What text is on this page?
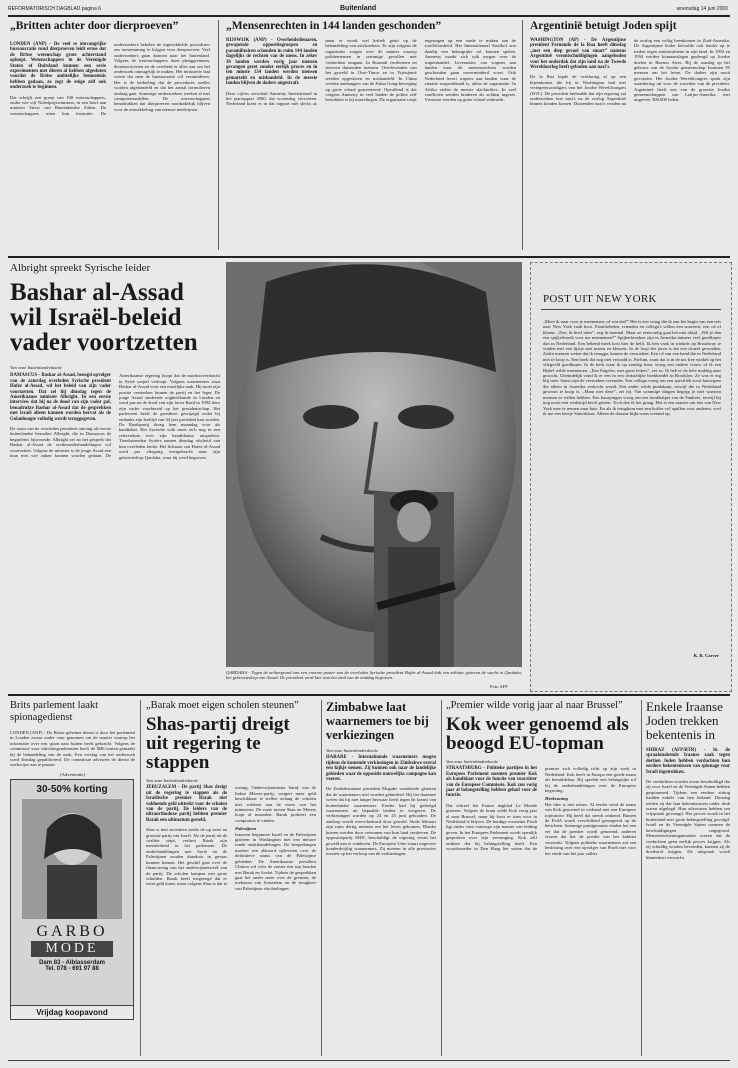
REFORMATORISCH DAGBLAD pagina 6	Buitenland	woensdag 14 juni 2000
„Britten achter door dierproeven”

LONDEN (ANP) - De veel te omvangrijke bureaucratie rond dierproeven leidt ertoe dat de Britse wetenschap grote achterstand oploopt. Wetenschappers in de Verenigde Staten of Duitsland kunnen een serie experimenten met dieren al hebben afgesloten voordat de Britse ambtelijke bemoeienis hebben gedaan, zo zegt de enige zelf ook onderzoek te beginnen.

Dat schrijft een groep van 100 wetenschappers, onder wie vijf Nobelprijswinnaars, in een brief aan minister Straw van Binnenlandse Zaken. De wetenschappers uiten hun frustratie. De onderzoekers hekelen de ingewikkelde procedures om toestemming te krijgen voor dierproeven. Veel onderzoekers gaan daarom naar het buitenland. Volgens de wetenschappers doen pleeggezinnen, dierenactivisten en de overheid er alles aan om het onderzoek onmogelijk te maken. Het ministerie laat weten dat men de bureaucratie wil verminderen. Het is de bedoeling dat de procedures sneller worden afgehandeld en dat het aantal formulieren omlaag gaat. Sommige onderzoekers werken al met computermodellen. De wetenschappers benadrukken dat dierproeven noodzakelijk blijven voor de ontwikkeling van nieuwe medicijnen.

„Mensenrechten in 144 landen geschonden”

RIJSWIJK (ANP) - Overheidsdienaren, gewapende oppositiegroepen en paramilitairen schenden in ruim 144 landen dagelijks de rechten van de mens. In zeker 38 landen werden vorig jaar mensen gevangen gezet zonder eerlijk proces en in ten minste 134 landen werden mensen gemarteld en mishandeld. In de meeste landen blijven de daders ongestraft.

Deze cijfers verschaft Amnesty International in het jaarrapport 2000, dat woensdag verscheen. Nederland komt er in dat rapport niet slecht af, maar er wordt wel kritiek geuit op de behandeling van asielzoekers. Er zijn volgens de organisatie zorgen over de manier waarop politiemensen in sommige gevallen met verdachten omgaan. In Burundi verdwenen en stierven duizenden mensen. Overlevenden van het geweld in Oost-Timor en in Tsjetsjenië werden opgesloten en mishandeld. In China werden aanhangers van de Falun Gong-beweging op grote schaal gearresteerd. Opvallend is dat volgens Amnesty in veel landen de politie zelf betrokken is bij martelingen. De organisatie roept regeringen op een einde te maken aan de straffeloosheid. Het Internationaal Strafhof zou daarbij een belangrijke rol kunnen spelen. Amnesty maakt zich ook zorgen over de wapenhandel. Leveranties van wapens aan landen waar de mensenrechten worden geschonden gaan onverminderd voort. Ook Nederland levert wapens aan landen waar de situatie zorgwekkend is, aldus de organisatie. In Afrika vielen de meeste slachtoffers. In veel conflicten werden kinderen als soldaat ingezet. Vrouwen werden op grote schaal verkracht.

Argentinië betuigt Joden spijt

WASHINGTON (AP) - De Argentijnse president Fernando de la Rua heeft dinsdag „met een diep gevoel van smart” namens Argentinië verontschuldigingen aangeboden voor het onderdak dat zijn land na de Tweede Wereldoorlog heeft geboden aan nazi's.

De la Rua legde de verklaring af op een bijeenkomst die hij in Washington had met vertegenwoordigers van het Joodse Wereldcongres (WJC). De president herhaalde dat zijn regering zal onderzoeken hoe nazi's na de oorlog Argentinië binnen konden komen. Duizenden nazi's vonden na de oorlog een veilig heenkomen in Zuid-Amerika. De Argentijnse leider beloofde ook harder op te treden tegen antisemitisme in zijn land. In 1992 en 1994 werden bomaanslagen gepleegd op Joodse doelen in Buenos Aires. Bij de aanslag op het gebouw van de Joodse gemeenschap kwamen 85 mensen om het leven. De daders zijn nooit gevonden. Het Joodse Wereldcongres sprak zijn waardering uit voor de woorden van de president. Argentinië heeft een van de grootste Joodse gemeenschappen van Latijns-Amerika, met ongeveer 300.000 leden.

Albright spreekt Syrische leider
Bashar al-Assad wil Israël-beleid vader voortzetten
Van onze buitenlandredactie

DAMASCUS - Bashar al-Assad, beoogd opvolger van de zaterdag overleden Syrische president Hafez al-Assad, wil het beleid van zijn vader voortzetten. Dat zei hij dinsdag tegen de Amerikaanse minister Albright. In een eerste interview dat hij na de dood van zijn vader gaf, benadrukte Bashar al-Assad dat de gesprekken met Israël alleen kunnen worden hervat als de Golanhoogte volledig wordt teruggegeven.

De zoon van de overleden president ontving als eerste buitenlandse bezoeker Albright, die in Damascus de begrafenis bijwoonde. Albright zei na het gesprek dat Bashar al-Assad de vredesonderhandelingen wil voortzetten. Volgens de minister is de jonge Assad een man met wie zaken kunnen worden gedaan. De Amerikaanse regering hoopt dat de machtsoverdracht in Syrië soepel verloopt. Volgens waarnemers staat Bashar al-Assad voor een moeilijke taak. Hij moet zijn positie versterken binnen de partij en het leger. De jonge Assad studeerde oogheelkunde in Londen en werd pas na de dood van zijn broer Basil in 1994 door zijn vader voorbereid op het presidentschap. Het parlement heeft de grondwet gewijzigd zodat hij ondanks zijn leeftijd van 34 jaar president kan worden. De Baathpartij droeg hem maandag voor als kandidaat. Het Syrische volk moet zich nog in een referendum over zijn kandidatuur uitspreken. Tienduizenden Syriërs namen dinsdag afscheid van hun overleden leider. Het lichaam van Hafez al-Assad werd per vliegtuig overgebracht naar zijn geboortedorp Qardaha, waar hij werd begraven.

QARDAHA - Tegen de achtergrond van een enorme poster van de overleden Syrische president Hafez al-Assad bidt een militair gisteren de wacht in Qardaha, het geboortedorp van Assad. De president werd hier aan het eind van de middag begraven.
Foto AFP
POST UIT NEW YORK

„Moet ik naar voor je meenemen, of wat dat?” Het is een vraag die ik aan het begin van een reis naar New York vaak hoor. Familieleden, vrienden en collega's willen een souvenir, een cd of kleren. „Nee, ik hoef niets”, zeg ik meestal. Maar zo eenvoudig gaat het niet altijd. „Wil je dan een spijkerbroek voor me meenemen?” Spijkerbroeken zijn in Amerika immers veel goedkoper dan in Nederland. Een bekend merk kost hier de helft. Ik ben vaak in winkels op Broadway te vinden met een lijstje met maten en kleuren. In de loop der jaren is dat een ritueel geworden. Zodra mensen weten dat ik terugga, komen de verzoeken. Een cd van een band die in Nederland niet te koop is. Een boek dat nog niet vertaald is. Parfum, want dat is in de tax free winkel op het vliegveld goedkoper. In de kerk waar ik op zondag kom, vroeg een oudere vrouw of ik een Bijbel wilde meenemen. „Een Engelse, met grote letters”, zei ze. Ik heb er de hele middag naar gezocht. Uiteindelijk vond ik er een in een christelijke boekhandel in Brooklyn. Ze was er erg blij mee. Soms zijn de verzoeken vreemder. Een collega vroeg om een specifiek soort kauwgom die alleen in Amerika verkocht wordt. Een ander wilde pindakaas, terwijl die in Nederland gewoon te koop is. „Maar niet deze”, zei hij. Van sommige dingen begrijp je niet waarom mensen ze willen hebben. Een buurjongen vroeg om een honkbalpet van de Yankees, terwijl hij nog nooit een wedstrijd heeft gezien. Toch doe ik het graag. Het is een manier om iets van New York mee te nemen naar huis. En als ik terugkom met een koffer vol spullen voor anderen, voel ik me een beetje Sinterklaas. Alleen de douane kijkt soms vreemd op.

K. R. Carver
Brits parlement laakt spionagedienst

LONDEN (ANP) - De Britse geheime dienst is door het parlement in Londen zwaar onder vuur genomen om de manier waarop het informatie over een spion naar buiten heeft gebracht. Volgens de commissie voor inlichtingendiensten heeft de MI6 fouten gemaakt bij de behandeling van de zaak. Een verslag van het onderzoek werd dinsdag gepubliceerd. De commissie adviseert de dienst de werkwijze aan te passen.

(Advertentie)
30-50% korting
GARBO
MODE
Dam 83 - Alblasserdam
Tel. 078 - 691 97 88
Vrijdag koopavond
„Barak moet eigen scholen steunen”
Shas-partij dreigt uit regering te stappen
Van onze buitenlandredactie

JERUZALEM - De partij Shas dreigt uit de regering te stappen als de Israëlische premier Barak niet voldoende geld uittrekt voor de scholen van de partij. De leiders van de ultraorthodoxe partij hebben premier Barak een ultimatum gesteld.

Shas is met zeventien zetels de op twee na grootste partij van Israël. Als de partij uit de coalitie stapt, verliest Barak zijn meerderheid in het parlement. De onderhandelingen met Syrië en de Palestijnen zouden daardoor in gevaar kunnen komen. Het geschil gaat over de financiering van het onderwijsnetwerk van de partij. De scholen kampen met grote schulden. Barak heeft toegezegd dat er extra geld komt, maar volgens Shas is dat te weinig. Onderwijsminister Sarid, van de linkse Meretz-partij, weigert meer geld beschikbaar te stellen zolang de scholen niet voldoen aan de eisen van het ministerie. De ruzie tussen Shas en Meretz loopt al maanden. Barak probeert een compromis te vinden.

Palestijnen

Intussen begonnen Israël en de Palestijnen gisteren in Washington met een nieuwe ronde onderhandelingen. De besprekingen moeten een akkoord opleveren over de definitieve status van de Palestijnse gebieden. De Amerikaanse president Clinton wil vóór de zomer een top houden met Barak en Arafat. Tijdens de gesprekken gaat het onder meer over de grenzen, de toekomst van Jeruzalem en de terugkeer van Palestijnse vluchtelingen.

Zimbabwe laat waarnemers toe bij verkiezingen
Van onze buitenlandredactie

HARARE - Internationale waarnemers mogen tijdens de komende verkiezingen in Zimbabwe overal een kijkje nemen. Zij kunnen ook naar de landelijke gebieden waar de oppositie nauwelijks campagne kan voeren.

De Zimbabwaanse president Mugabe verzekerde gisteren dat de waarnemers niet worden gehinderd. Hij liet daarmee weten dat hij niet langer bezwaar heeft tegen de komst van buitenlandse waarnemers. Eerder had hij gedreigd waarnemers uit bepaalde landen te weigeren. De verkiezingen worden op 24 en 25 juni gehouden. De aanloop wordt overschaduwd door geweld. Sinds februari zijn ruim dertig mensen om het leven gekomen. Blanke boeren werden door veteranen van hun land verdreven. De oppositiepartij MDC beschuldigt de regering ervan het geweld aan te wakkeren. De Europese Unie stuurt ongeveer honderdvijftig waarnemers. Zij moeten in alle provincies toezien op het verloop van de verkiezingen.

„Premier wilde vorig jaar al naar Brussel”
Kok weer genoemd als beoogd EU-topman
Van onze buitenlandredactie

STRAATSBURG - Politieke partijen in het Europees Parlement noemen premier Kok als kandidaat voor de functie van voorzitter van de Europese Commissie. Kok zou vorig jaar al belangstelling hebben gehad voor de functie.

Dat schreef het Franse dagblad Le Monde gisteren. Volgens de krant wilde Kok vorig jaar al naar Brussel, maar hij koos er toen voor in Nederland te blijven. De huidige voorzitter Prodi ligt onder vuur vanwege zijn manier van leiding geven. In het Europees Parlement wordt openlijk gesproken over zijn vervanging. Kok zelf ontkent dat hij belangstelling heeft. Een woordvoerder in Den Haag liet weten dat de premier zich volledig richt op zijn werk in Nederland. Kok heeft in Europa een goede naam als bemiddelaar. Hij speelde een belangrijke rol bij de onderhandelingen over de Europese begroting.

Herkenning

Het idee is niet nieuw. Al eerder werd de naam van Kok genoemd in verband met een Europese topfunctie. Hij heeft dat steeds ontkend. Binnen de PvdA wordt verschillend gereageerd op de berichten. Sommige partijgenoten vinden het een eer dat de premier wordt genoemd, anderen vrezen dat het de positie van het kabinet verzwakt. Volgens politieke waarnemers zal een beslissing over een opvolger van Prodi niet voor het einde van het jaar vallen.

Enkele Iraanse Joden trekken bekentenis in

SHIRAZ (AFP/RTR) - In de spraakmakende Iraanse zaak tegen dertien Joden hebben verdachten hun eerdere bekentenissen van spionage voor Israël ingetrokken.

De verdachten worden ervan beschuldigd dat zij voor Israël en de Verenigde Staten hebben gespioneerd. Tijdens een eerdere zitting hadden enkele van hen bekend. Dinsdag zeiden zij dat hun bekentenissen onder druk waren afgelegd. Hun advocaten hebben om vrijspraak gevraagd. Het proces wordt in het buitenland met grote belangstelling gevolgd. Israël en de Verenigde Staten noemen de beschuldigingen ongegrond. Mensenrechtenorganisaties vrezen dat de verdachten geen eerlijk proces krijgen. Als zij schuldig worden bevonden, kunnen zij de doodstraf krijgen. De uitspraak wordt binnenkort verwacht.
